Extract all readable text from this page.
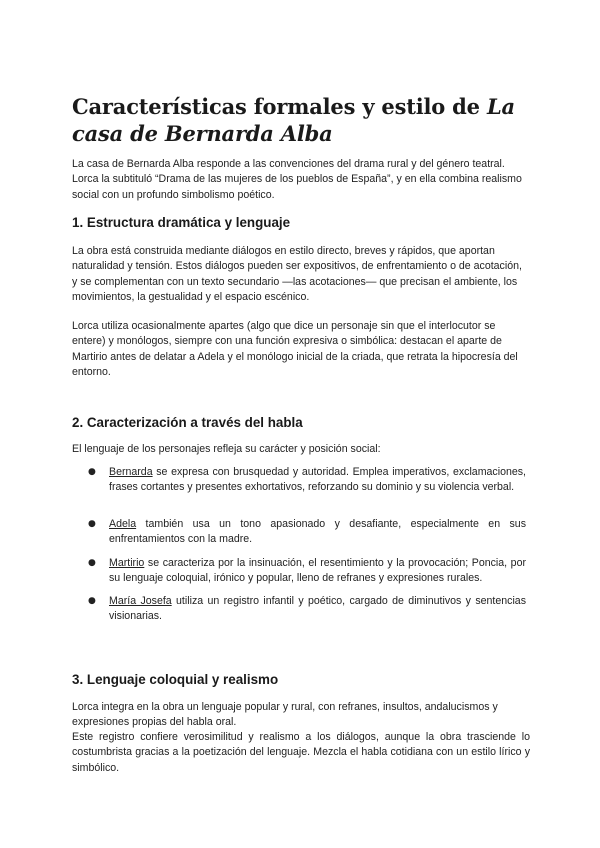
Características formales y estilo de La casa de Bernarda Alba

La casa de Bernarda Alba responde a las convenciones del drama rural y del género teatral. Lorca la subtituló “Drama de las mujeres de los pueblos de España”, y en ella combina realismo social con un profundo simbolismo poético.

1. Estructura dramática y lenguaje

La obra está construida mediante diálogos en estilo directo, breves y rápidos, que aportan naturalidad y tensión. Estos diálogos pueden ser expositivos, de enfrentamiento o de acotación, y se complementan con un texto secundario —las acotaciones— que precisan el ambiente, los movimientos, la gestualidad y el espacio escénico.

Lorca utiliza ocasionalmente apartes (algo que dice un personaje sin que el interlocutor se entere) y monólogos, siempre con una función expresiva o simbólica: destacan el aparte de Martirio antes de delatar a Adela y el monólogo inicial de la criada, que retrata la hipocresía del entorno.

2. Caracterización a través del habla

El lenguaje de los personajes refleja su carácter y posición social:

● Bernarda se expresa con brusquedad y autoridad. Emplea imperativos, exclamaciones, frases cortantes y presentes exhortativos, reforzando su dominio y su violencia verbal.

● Adela también usa un tono apasionado y desafiante, especialmente en sus enfrentamientos con la madre.

● Martirio se caracteriza por la insinuación, el resentimiento y la provocación; Poncia, por su lenguaje coloquial, irónico y popular, lleno de refranes y expresiones rurales.

● María Josefa utiliza un registro infantil y poético, cargado de diminutivos y sentencias visionarias.

3. Lenguaje coloquial y realismo

Lorca integra en la obra un lenguaje popular y rural, con refranes, insultos, andalucismos y expresiones propias del habla oral.

Este registro confiere verosimilitud y realismo a los diálogos, aunque la obra trasciende lo costumbrista gracias a la poetización del lenguaje. Mezcla el habla cotidiana con un estilo lírico y simbólico.
